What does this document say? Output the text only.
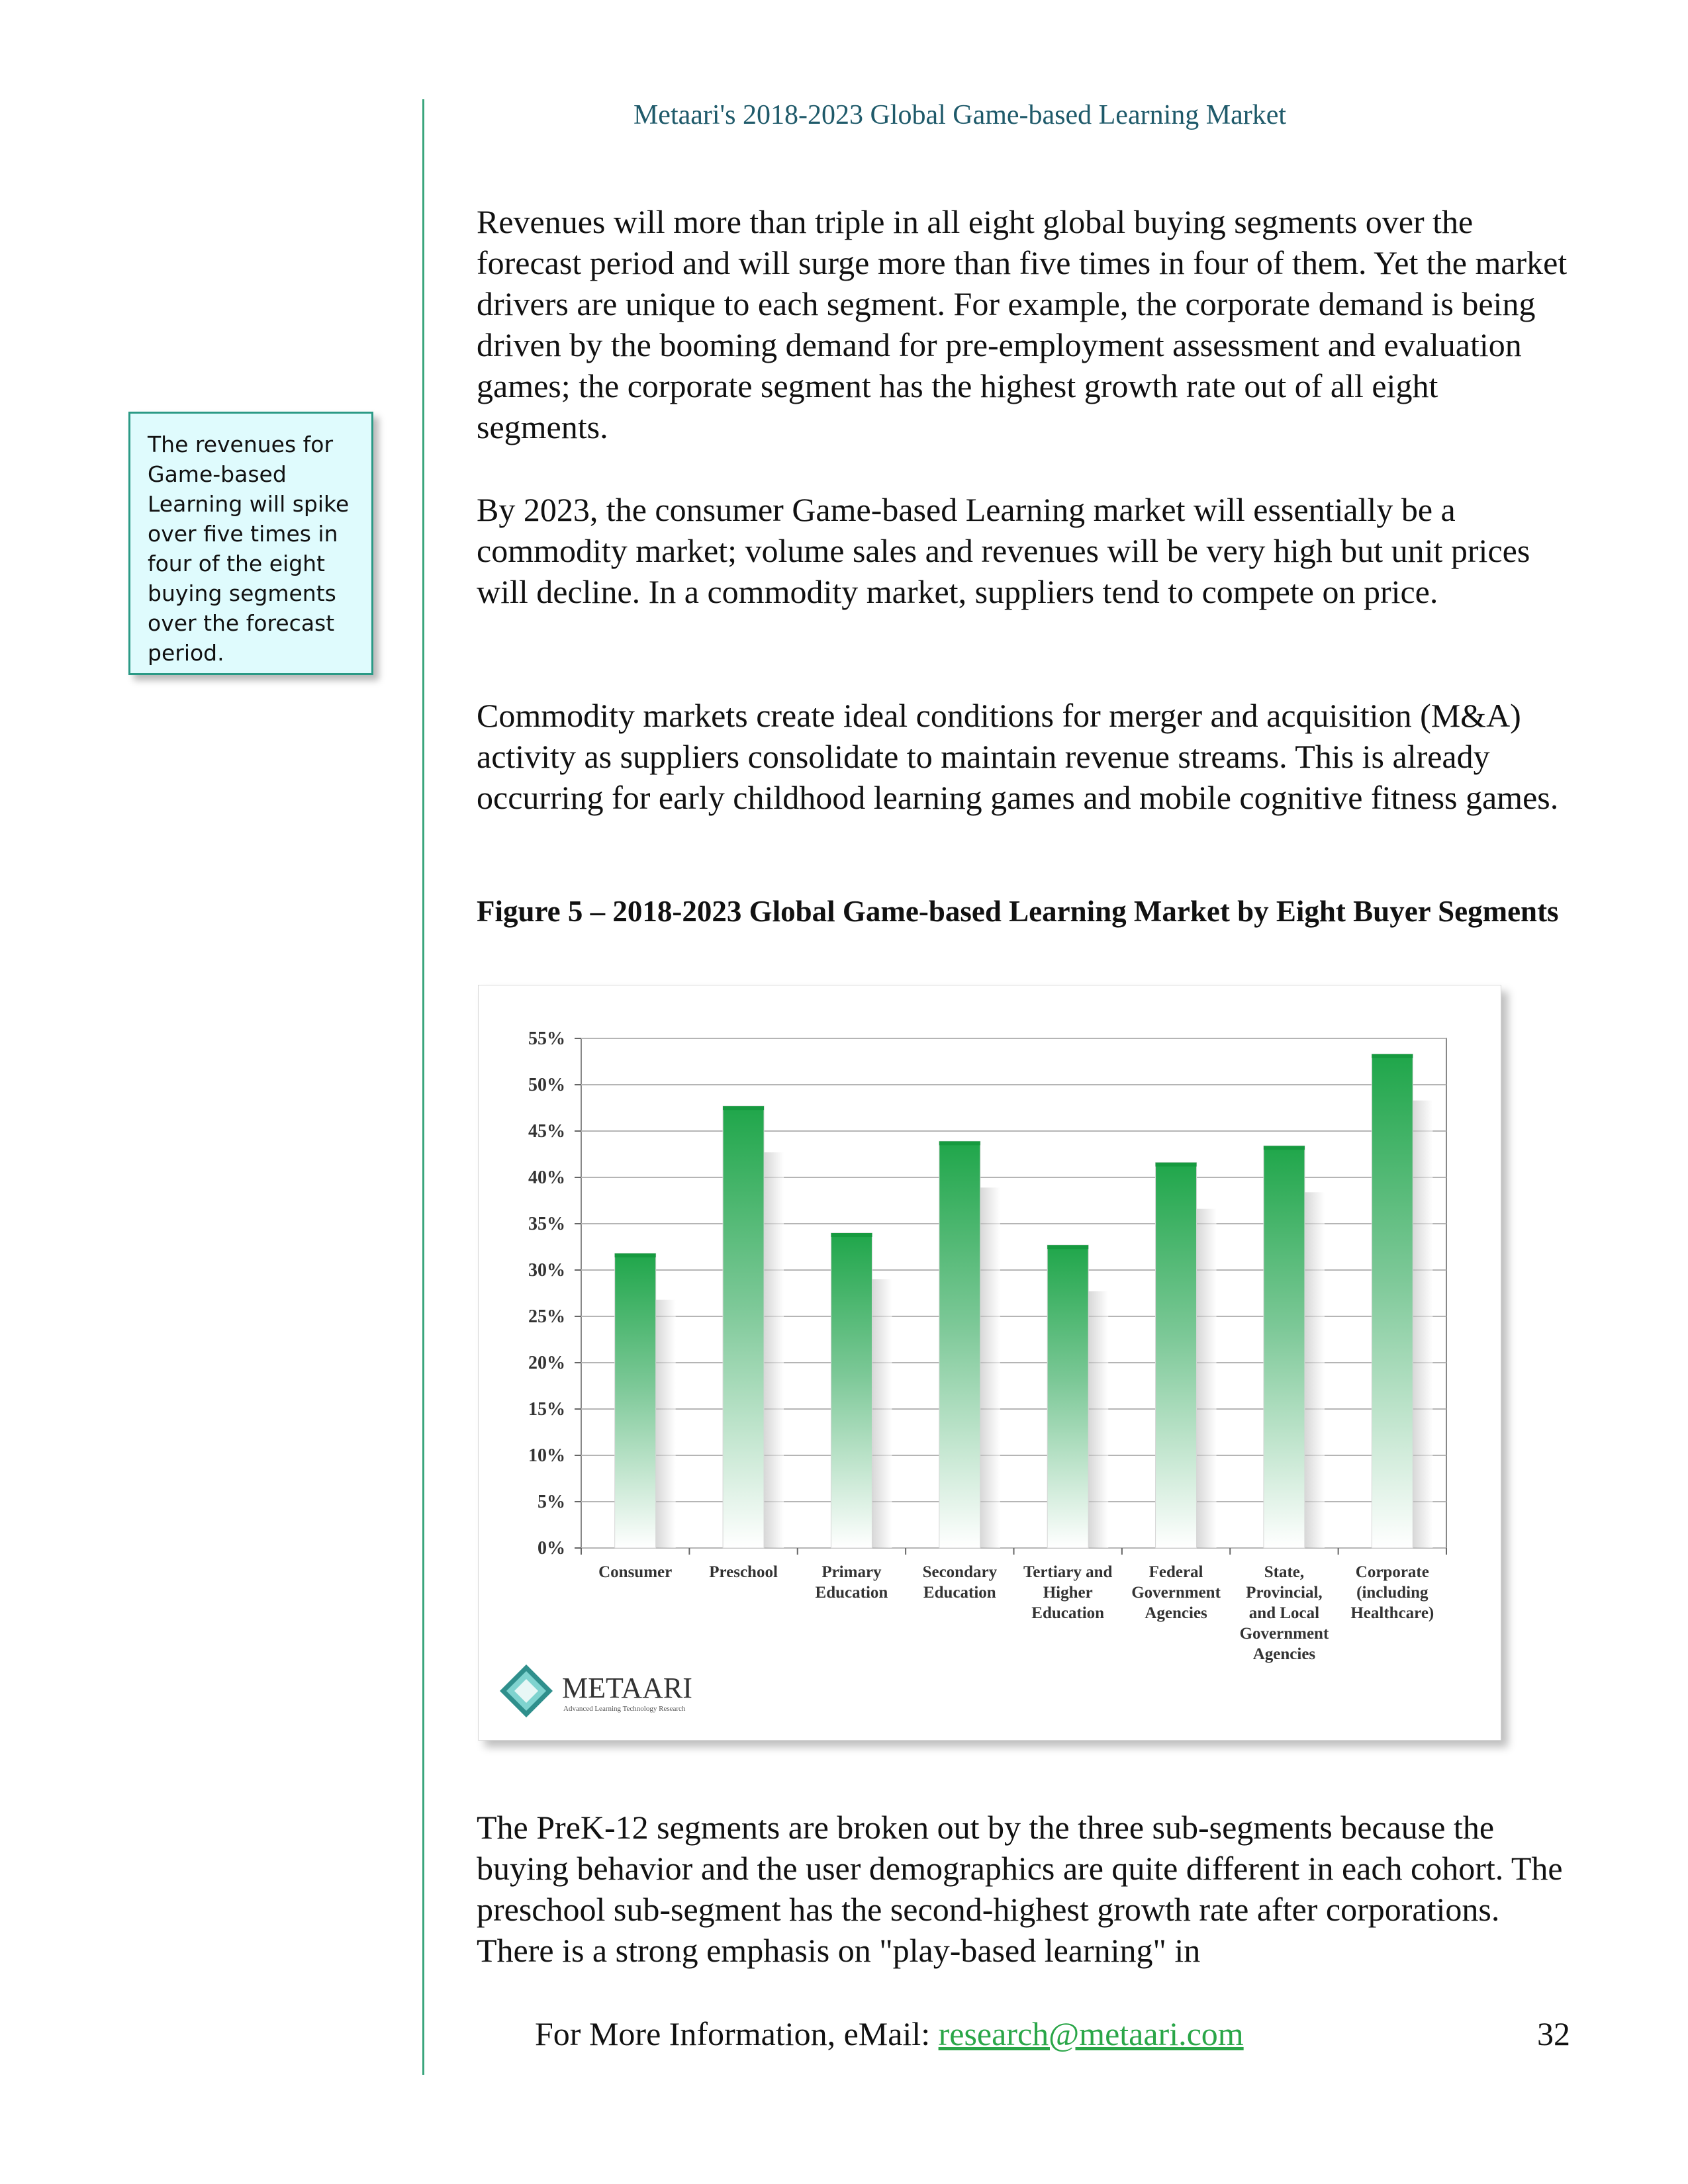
Metaari's 2018-2023 Global Game-based Learning Market
The revenues for Game-based Learning will spike over five times in four of the eight buying segments over the forecast period.

Revenues will more than triple in all eight global buying segments over the forecast period and will surge more than five times in four of them. Yet the market drivers are unique to each segment. For example, the corporate demand is being driven by the booming demand for pre-employment assessment and evaluation games; the corporate segment has the highest growth rate out of all eight segments.

By 2023, the consumer Game-based Learning market will essentially be a commodity market; volume sales and revenues will be very high but unit prices will decline. In a commodity market, suppliers tend to compete on price.

Commodity markets create ideal conditions for merger and acquisition (M&A) activity as suppliers consolidate to maintain revenue streams. This is already occurring for early childhood learning games and mobile cognitive fitness games.

Figure 5 – 2018-2023 Global Game-based Learning Market by Eight Buyer Segments

0%
5%
10%
15%
20%
25%
30%
35%
40%
45%
50%
55%
Consumer Preschool	Primary
Education
Secondary
Education
Tertiary and
Higher
Education
Federal
Government
Agencies
State,
Provincial,
and Local
Government
Agencies
Corporate
(including
Healthcare)
METAARI
Advanced Learning Technology Research

The PreK-12 segments are broken out by the three sub-segments because the buying behavior and the user demographics are quite different in each cohort. The preschool sub-segment has the second-highest growth rate after corporations. There is a strong emphasis on "play-based learning" in

For More Information, eMail: research@metaari.com	32
